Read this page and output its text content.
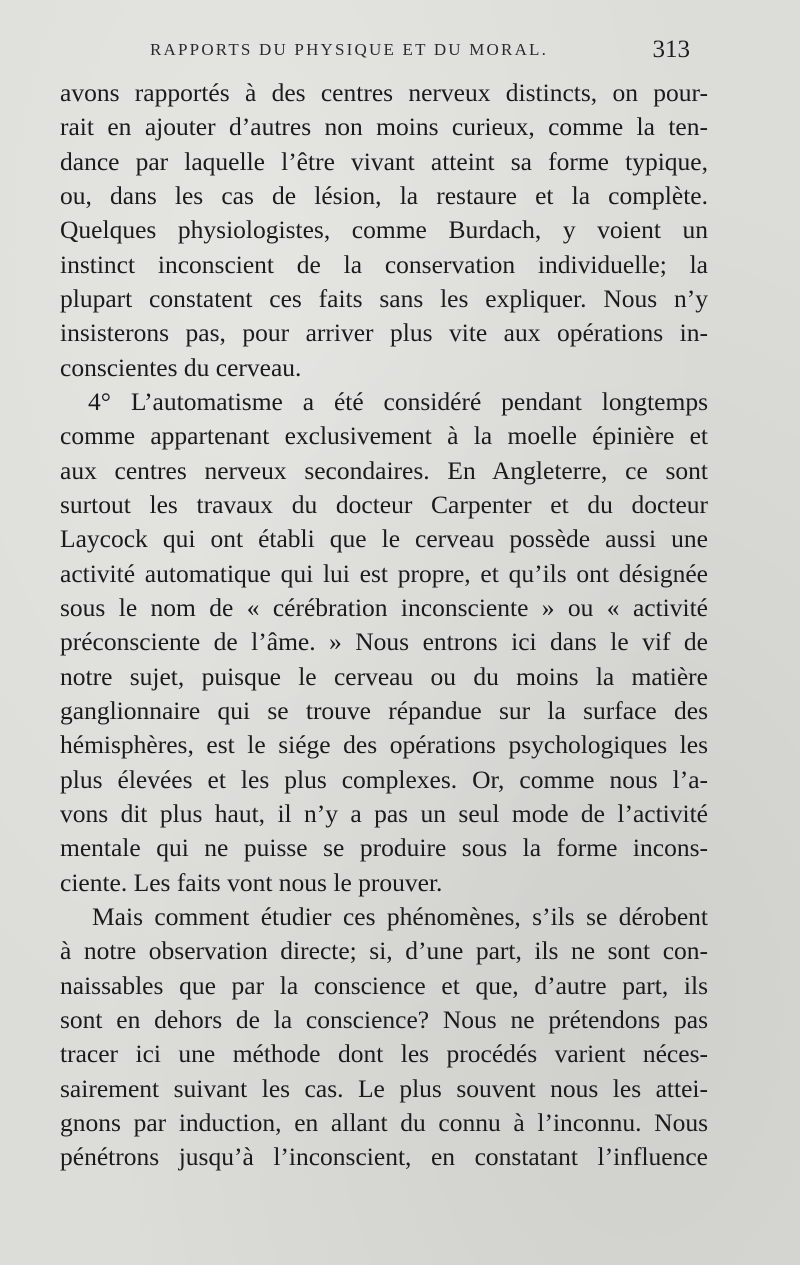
RAPPORTS DU PHYSIQUE ET DU MORAL.	313
avons rapportés à des centres nerveux distincts, on pour-
rait en ajouter d’autres non moins curieux, comme la ten-
dance par laquelle l’être vivant atteint sa forme typique,
ou, dans les cas de lésion, la restaure et la complète.
Quelques physiologistes, comme Burdach, y voient un
instinct inconscient de la conservation individuelle; la
plupart constatent ces faits sans les expliquer. Nous n’y
insisterons pas, pour arriver plus vite aux opérations in-
conscientes du cerveau.
4° L’automatisme a été considéré pendant longtemps
comme appartenant exclusivement à la moelle épinière et
aux centres nerveux secondaires. En Angleterre, ce sont
surtout les travaux du docteur Carpenter et du docteur
Laycock qui ont établi que le cerveau possède aussi une
activité automatique qui lui est propre, et qu’ils ont désignée
sous le nom de « cérébration inconsciente » ou « activité
préconsciente de l’âme. » Nous entrons ici dans le vif de
notre sujet, puisque le cerveau ou du moins la matière
ganglionnaire qui se trouve répandue sur la surface des
hémisphères, est le siége des opérations psychologiques les
plus élevées et les plus complexes. Or, comme nous l’a-
vons dit plus haut, il n’y a pas un seul mode de l’activité
mentale qui ne puisse se produire sous la forme incons-
ciente. Les faits vont nous le prouver.
Mais comment étudier ces phénomènes, s’ils se dérobent
à notre observation directe; si, d’une part, ils ne sont con-
naissables que par la conscience et que, d’autre part, ils
sont en dehors de la conscience? Nous ne prétendons pas
tracer ici une méthode dont les procédés varient néces-
sairement suivant les cas. Le plus souvent nous les attei-
gnons par induction, en allant du connu à l’inconnu. Nous
pénétrons jusqu’à l’inconscient, en constatant l’influence
